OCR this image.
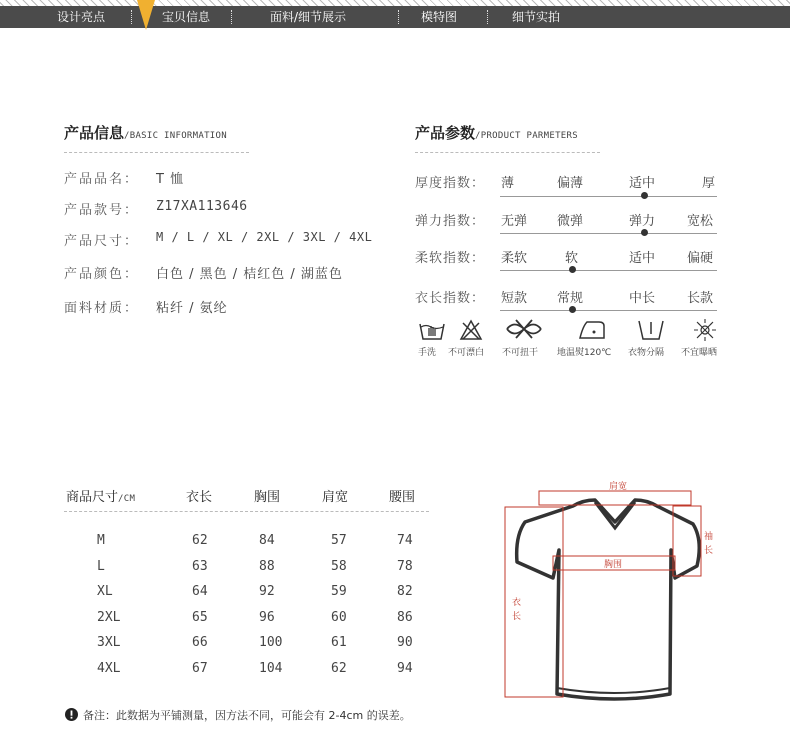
设计亮点	宝贝信息	面料/细节展示	模特图	细节实拍
产品信息/BASIC INFORMATION
产品品名： T 恤
产品款号： Z17XA113646
产品尺寸： M / L / XL / 2XL / 3XL / 4XL
产品颜色： 白色 / 黑色 / 桔红色 / 湖蓝色
面料材质： 粘纤 / 氨纶
产品参数/PRODUCT PARMETERS
厚度指数： 薄	偏薄	适中	厚
弹力指数： 无弹 微弹	弹力 宽松
柔软指数： 柔软	软	适中 偏硬
衣长指数： 短款 常规	中长 长款
手洗 不可漂白 不可扭干 地温熨120℃ 衣物分隔 不宜曝晒
商品尺寸/CM	衣长	胸围	肩宽	腰围
M	62	84	57	74
L	63	88	58	78
XL	64	92	59	82
2XL	65	96	60	86
3XL	66	100	61	90
4XL	67	104	62	94
备注：此数据为平铺测量，因方法不同，可能会有 2-4cm 的误差。
肩宽
袖
长
胸围
衣
长
